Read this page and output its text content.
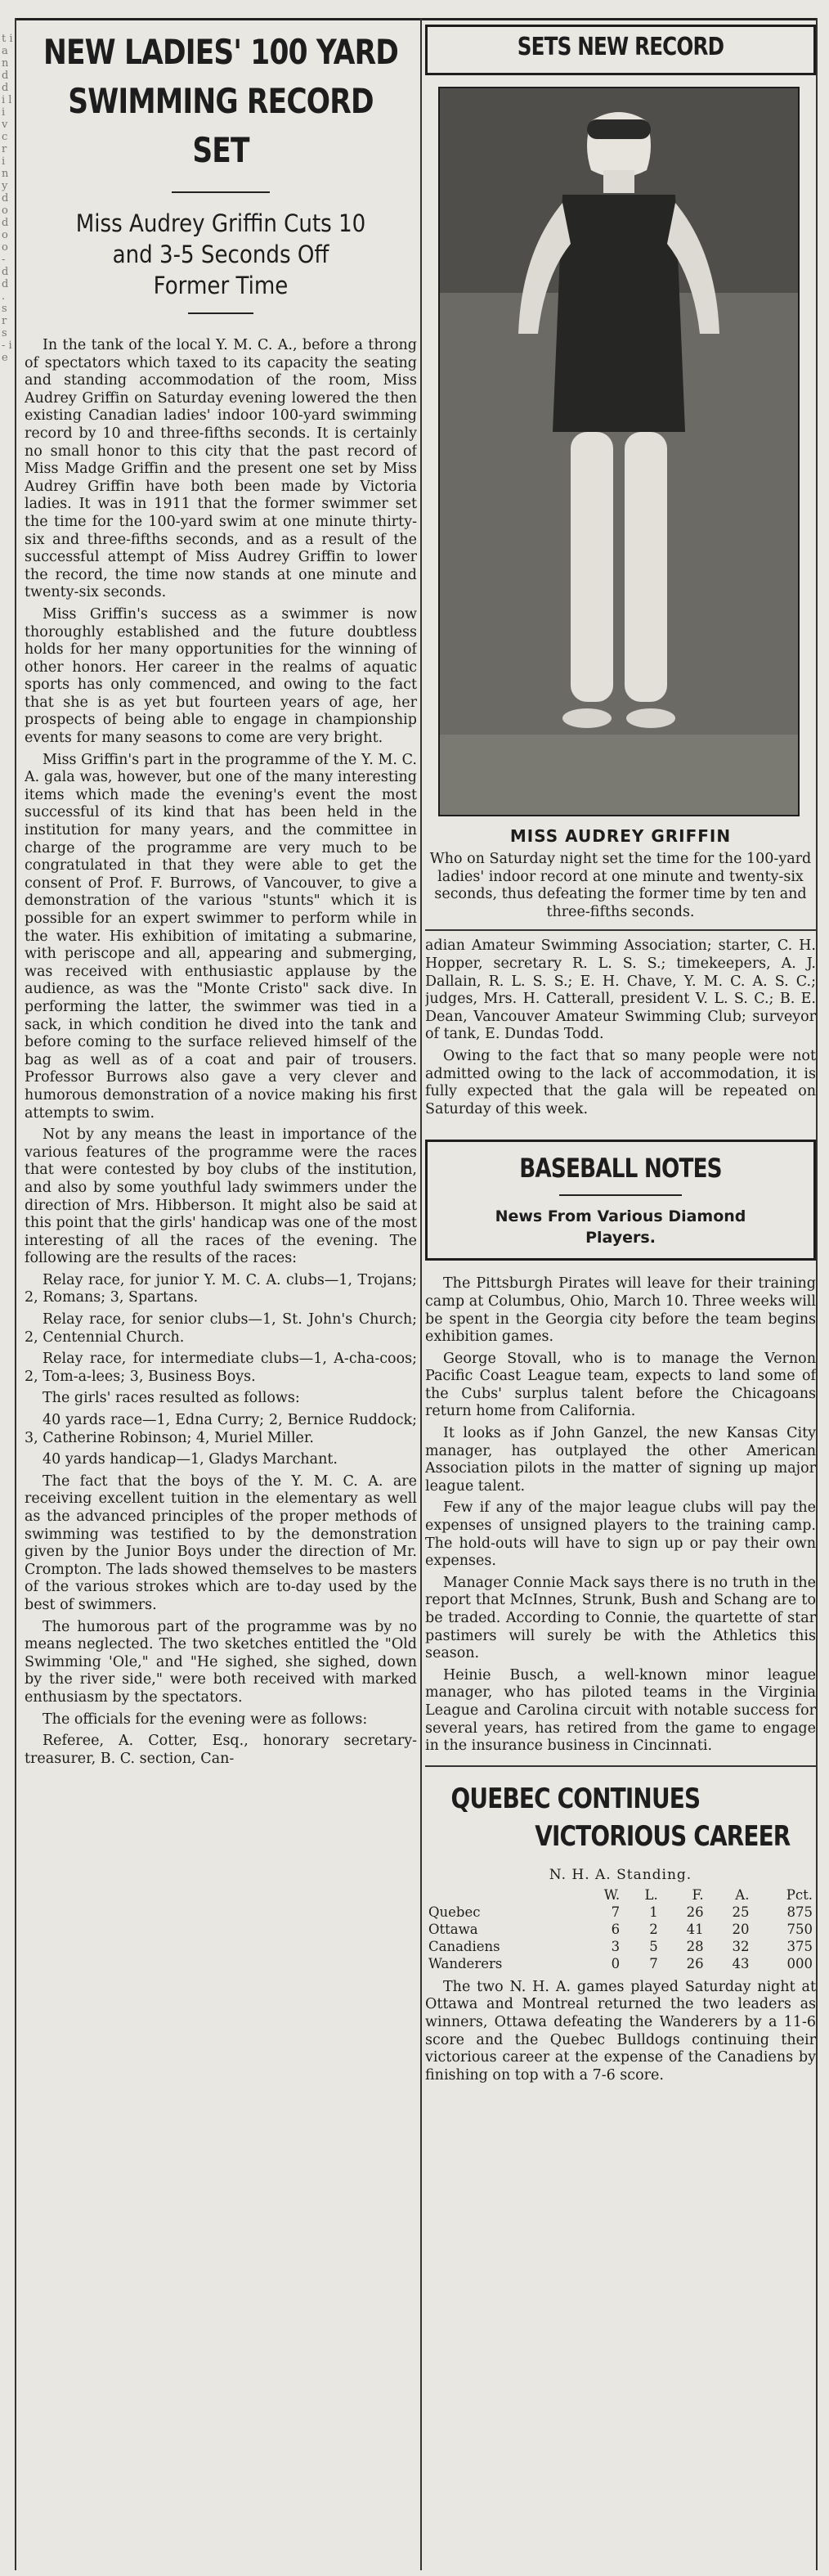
t i a n d d i l i v c r i n y d o d o o - d d . s r s - i e
NEW LADIES' 100 YARD
SWIMMING RECORD SET
Miss Audrey Griffin Cuts 10
and 3-5 Seconds Off
Former Time

In the tank of the local Y. M. C. A., before a throng of spectators which taxed to its capacity the seating and standing accommodation of the room, Miss Audrey Griffin on Saturday evening lowered the then existing Canadian ladies' indoor 100-yard swimming record by 10 and three-fifths seconds. It is certainly no small honor to this city that the past record of Miss Madge Griffin and the present one set by Miss Audrey Griffin have both been made by Victoria ladies. It was in 1911 that the former swimmer set the time for the 100-yard swim at one minute thirty-six and three-fifths seconds, and as a result of the successful attempt of Miss Audrey Griffin to lower the record, the time now stands at one minute and twenty-six seconds.

Miss Griffin's success as a swimmer is now thoroughly established and the future doubtless holds for her many opportunities for the winning of other honors. Her career in the realms of aquatic sports has only commenced, and owing to the fact that she is as yet but fourteen years of age, her prospects of being able to engage in championship events for many seasons to come are very bright.

Miss Griffin's part in the programme of the Y. M. C. A. gala was, however, but one of the many interesting items which made the evening's event the most successful of its kind that has been held in the institution for many years, and the committee in charge of the programme are very much to be congratulated in that they were able to get the consent of Prof. F. Burrows, of Vancouver, to give a demonstration of the various "stunts" which it is possible for an expert swimmer to perform while in the water. His exhibition of imitating a submarine, with periscope and all, appearing and submerging, was received with enthusiastic applause by the audience, as was the "Monte Cristo" sack dive. In performing the latter, the swimmer was tied in a sack, in which condition he dived into the tank and before coming to the surface relieved himself of the bag as well as of a coat and pair of trousers. Professor Burrows also gave a very clever and humorous demonstration of a novice making his first attempts to swim.

Not by any means the least in importance of the various features of the programme were the races that were contested by boy clubs of the institution, and also by some youthful lady swimmers under the direction of Mrs. Hibberson. It might also be said at this point that the girls' handicap was one of the most interesting of all the races of the evening. The following are the results of the races:

Relay race, for junior Y. M. C. A. clubs—1, Trojans; 2, Romans; 3, Spartans.

Relay race, for senior clubs—1, St. John's Church; 2, Centennial Church.

Relay race, for intermediate clubs—1, A-cha-coos; 2, Tom-a-lees; 3, Business Boys.

The girls' races resulted as follows:

40 yards race—1, Edna Curry; 2, Bernice Ruddock; 3, Catherine Robinson; 4, Muriel Miller.

40 yards handicap—1, Gladys Marchant.

The fact that the boys of the Y. M. C. A. are receiving excellent tuition in the elementary as well as the advanced principles of the proper methods of swimming was testified to by the demonstration given by the Junior Boys under the direction of Mr. Crompton. The lads showed themselves to be masters of the various strokes which are to-day used by the best of swimmers.

The humorous part of the programme was by no means neglected. The two sketches entitled the "Old Swimming 'Ole," and "He sighed, she sighed, down by the river side," were both received with marked enthusiasm by the spectators.

The officials for the evening were as follows:

Referee, A. Cotter, Esq., honorary secretary-treasurer, B. C. section, Can-

SETS NEW RECORD
MISS AUDREY GRIFFIN

Who on Saturday night set the time for the 100-yard ladies' indoor record at one minute and twenty-six seconds, thus defeating the former time by ten and three-fifths seconds.

adian Amateur Swimming Association; starter, C. H. Hopper, secretary R. L. S. S.; timekeepers, A. J. Dallain, R. L. S. S.; E. H. Chave, Y. M. C. A. S. C.; judges, Mrs. H. Catterall, president V. L. S. C.; B. E. Dean, Vancouver Amateur Swimming Club; surveyor of tank, E. Dundas Todd.

Owing to the fact that so many people were not admitted owing to the lack of accommodation, it is fully expected that the gala will be repeated on Saturday of this week.

BASEBALL NOTES
News From Various Diamond
Players.

The Pittsburgh Pirates will leave for their training camp at Columbus, Ohio, March 10. Three weeks will be spent in the Georgia city before the team begins exhibition games.

George Stovall, who is to manage the Vernon Pacific Coast League team, expects to land some of the Cubs' surplus talent before the Chicagoans return home from California.

It looks as if John Ganzel, the new Kansas City manager, has outplayed the other American Association pilots in the matter of signing up major league talent.

Few if any of the major league clubs will pay the expenses of unsigned players to the training camp. The hold-outs will have to sign up or pay their own expenses.

Manager Connie Mack says there is no truth in the report that McInnes, Strunk, Bush and Schang are to be traded. According to Connie, the quartette of star pastimers will surely be with the Athletics this season.

Heinie Busch, a well-known minor league manager, who has piloted teams in the Virginia League and Carolina circuit with notable success for several years, has retired from the game to engage in the insurance business in Cincinnati.

QUEBEC CONTINUES
VICTORIOUS CAREER
N. H. A. Standing.
	W.	L.	F.	A.	Pct.
Quebec	7	1	26	25	875
Ottawa	6	2	41	20	750
Canadiens	3	5	28	32	375
Wanderers	0	7	26	43	000

The two N. H. A. games played Saturday night at Ottawa and Montreal returned the two leaders as winners, Ottawa defeating the Wanderers by a 11-6 score and the Quebec Bulldogs continuing their victorious career at the expense of the Canadiens by finishing on top with a 7-6 score.
